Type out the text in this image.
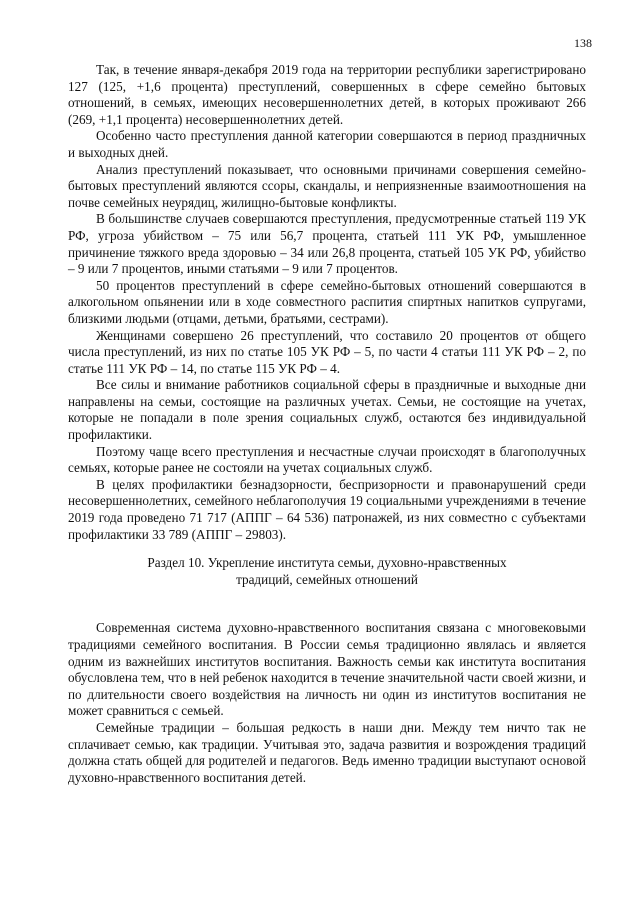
138

Так, в течение января-декабря 2019 года на территории республики зарегистрировано 127 (125, +1,6 процента) преступлений, совершенных в сфере семейно бытовых отношений, в семьях, имеющих несовершеннолетних детей, в которых проживают 266 (269, +1,1 процента) несовершеннолетних детей.

Особенно часто преступления данной категории совершаются в период праздничных и выходных дней.

Анализ преступлений показывает, что основными причинами совершения семейно-бытовых преступлений являются ссоры, скандалы, и неприязненные взаимоотношения на почве семейных неурядиц, жилищно-бытовые конфликты.

В большинстве случаев совершаются преступления, предусмотренные статьей 119 УК РФ, угроза убийством – 75 или 56,7 процента, статьей 111 УК РФ, умышленное причинение тяжкого вреда здоровью – 34 или 26,8 процента, статьей 105 УК РФ, убийство – 9 или 7 процентов, иными статьями – 9 или 7 процентов.

50 процентов преступлений в сфере семейно-бытовых отношений совершаются в алкогольном опьянении или в ходе совместного распития спиртных напитков супругами, близкими людьми (отцами, детьми, братьями, сестрами).

Женщинами совершено 26 преступлений, что составило 20 процентов от общего числа преступлений, из них по статье 105 УК РФ – 5, по части 4 статьи 111 УК РФ – 2, по статье 111 УК РФ – 14, по статье 115 УК РФ – 4.

Все силы и внимание работников социальной сферы в праздничные и выходные дни направлены на семьи, состоящие на различных учетах. Семьи, не состоящие на учетах, которые не попадали в поле зрения социальных служб, остаются без индивидуальной профилактики.

Поэтому чаще всего преступления и несчастные случаи происходят в благополучных семьях, которые ранее не состояли на учетах социальных служб.

В целях профилактики безнадзорности, беспризорности и правонарушений среди несовершеннолетних, семейного неблагополучия 19 социальными учреждениями в течение 2019 года проведено 71 717 (АППГ – 64 536) патронажей, из них совместно с субъектами профилактики 33 789 (АППГ – 29803).

Раздел 10. Укрепление института семьи, духовно-нравственных
традиций, семейных отношений

Современная система духовно-нравственного воспитания связана с многовековыми традициями семейного воспитания. В России семья традиционно являлась и является одним из важнейших институтов воспитания. Важность семьи как института воспитания обусловлена тем, что в ней ребенок находится в течение значительной части своей жизни, и по длительности своего воздействия на личность ни один из институтов воспитания не может сравниться с семьей.

Семейные традиции – большая редкость в наши дни. Между тем ничто так не сплачивает семью, как традиции. Учитывая это, задача развития и возрождения традиций должна стать общей для родителей и педагогов. Ведь именно традиции выступают основой духовно-нравственного воспитания детей.
